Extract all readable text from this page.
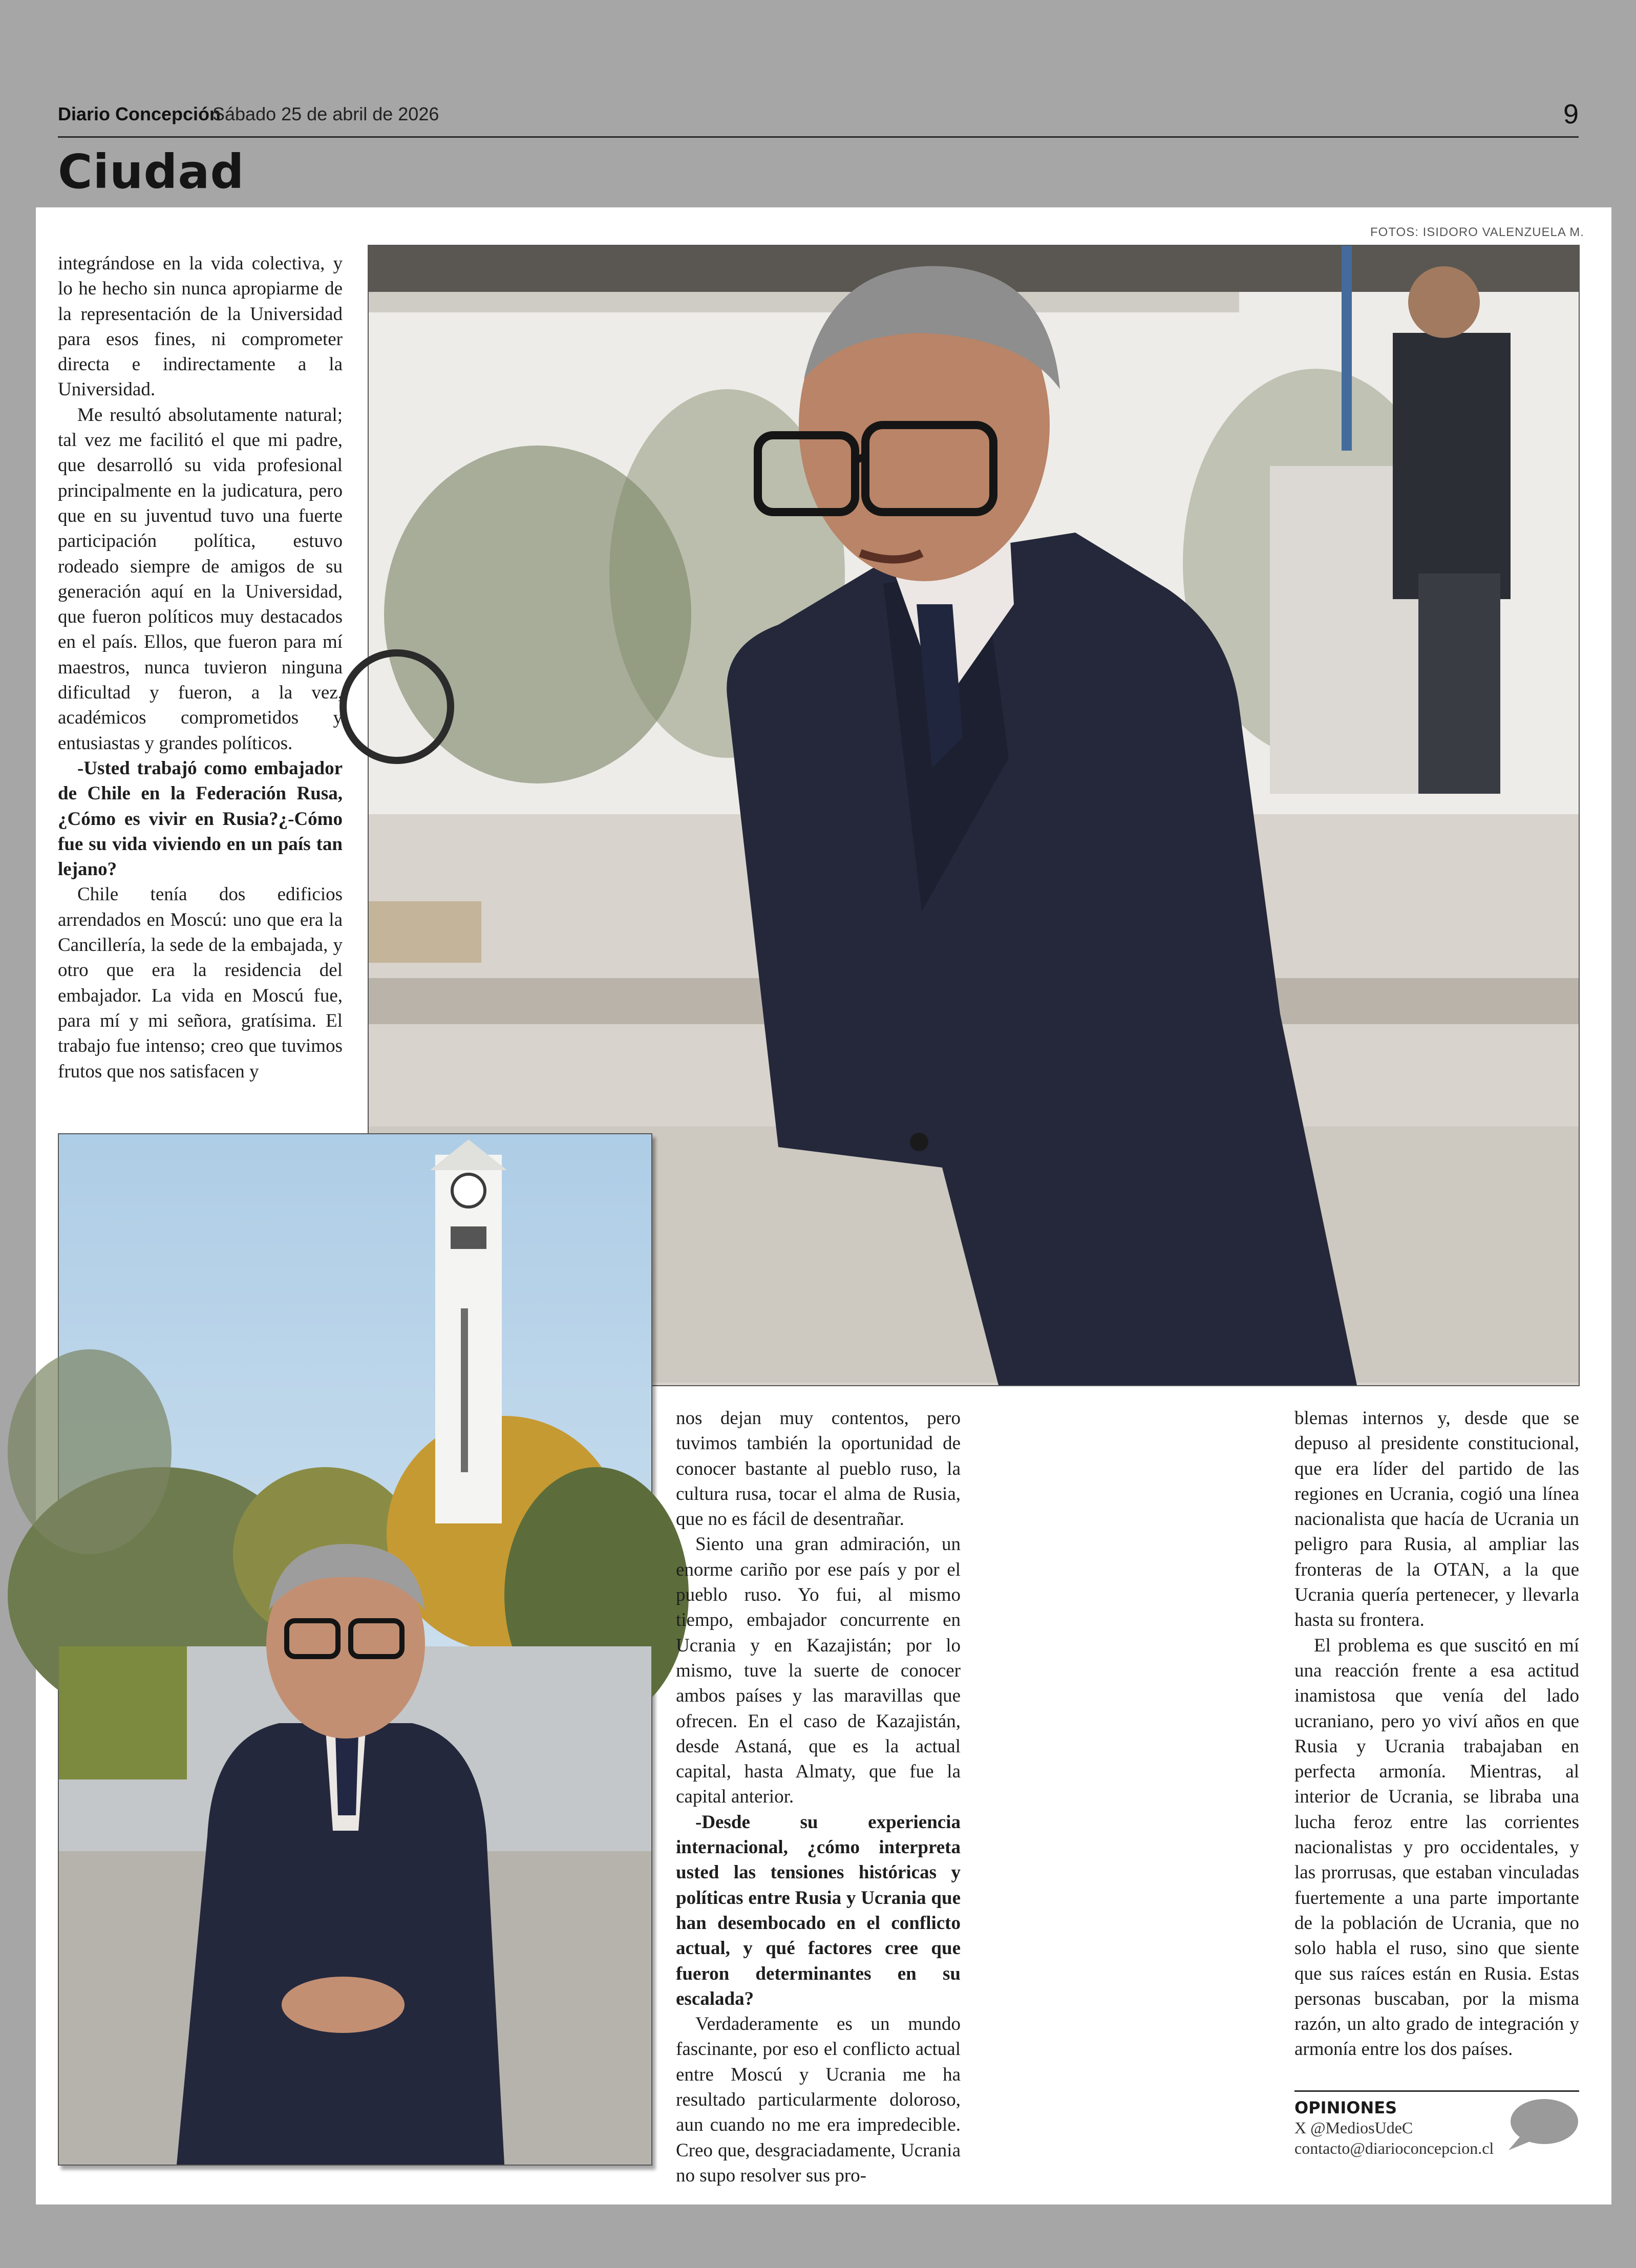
Diario Concepción
Sábado 25 de abril de 2026	9
Ciudad
FOTOS: ISIDORO VALENZUELA M.

integrándose en la vida colectiva, y lo he hecho sin nunca apropiarme de la representación de la Universidad para esos fines, ni comprometer directa e indirectamente a la Universidad.

Me resultó absolutamente natural; tal vez me facilitó el que mi padre, que desarrolló su vida profesional principalmente en la judicatura, pero que en su juventud tuvo una fuerte participación política, estuvo rodeado siempre de amigos de su generación aquí en la Universidad, que fueron políticos muy destacados en el país. Ellos, que fueron para mí maestros, nunca tuvieron ninguna dificultad y fueron, a la vez, académicos comprometidos y entusiastas y grandes políticos.

-Usted trabajó como embajador de Chile en la Federación Rusa, ¿Cómo es vivir en Rusia?¿-Cómo fue su vida viviendo en un país tan lejano?

Chile tenía dos edificios arrendados en Moscú: uno que era la Cancillería, la sede de la embajada, y otro que era la residencia del embajador. La vida en Moscú fue, para mí y mi señora, gratísima. El trabajo fue intenso; creo que tuvimos frutos que nos satisfacen y

nos dejan muy contentos, pero tuvimos también la oportunidad de conocer bastante al pueblo ruso, la cultura rusa, tocar el alma de Rusia, que no es fácil de desentrañar.

Siento una gran admiración, un enorme cariño por ese país y por el pueblo ruso. Yo fui, al mismo tiempo, embajador concurrente en Ucrania y en Kazajistán; por lo mismo, tuve la suerte de conocer ambos países y las maravillas que ofrecen. En el caso de Kazajistán, desde Astaná, que es la actual capital, hasta Almaty, que fue la capital anterior.

-Desde su experiencia internacional, ¿cómo interpreta usted las tensiones históricas y políticas entre Rusia y Ucrania que han desembocado en el conflicto actual, y qué factores cree que fueron determinantes en su escalada?

Verdaderamente es un mundo fascinante, por eso el conflicto actual entre Moscú y Ucrania me ha resultado particularmente doloroso, aun cuando no me era impredecible. Creo que, desgraciadamente, Ucrania no supo resolver sus pro-

blemas internos y, desde que se depuso al presidente constitucional, que era líder del partido de las regiones en Ucrania, cogió una línea nacionalista que hacía de Ucrania un peligro para Rusia, al ampliar las fronteras de la OTAN, a la que Ucrania quería pertenecer, y llevarla hasta su frontera.

El problema es que suscitó en mí una reacción frente a esa actitud inamistosa que venía del lado ucraniano, pero yo viví años en que Rusia y Ucrania trabajaban en perfecta armonía. Mientras, al interior de Ucrania, se libraba una lucha feroz entre las corrientes nacionalistas y pro occidentales, y las prorrusas, que estaban vinculadas fuertemente a una parte importante de la población de Ucrania, que no solo habla el ruso, sino que siente que sus raíces están en Rusia. Estas personas buscaban, por la misma razón, un alto grado de integración y armonía entre los dos países.

OPINIONES
X @MediosUdeC
contacto@diarioconcepcion.cl
